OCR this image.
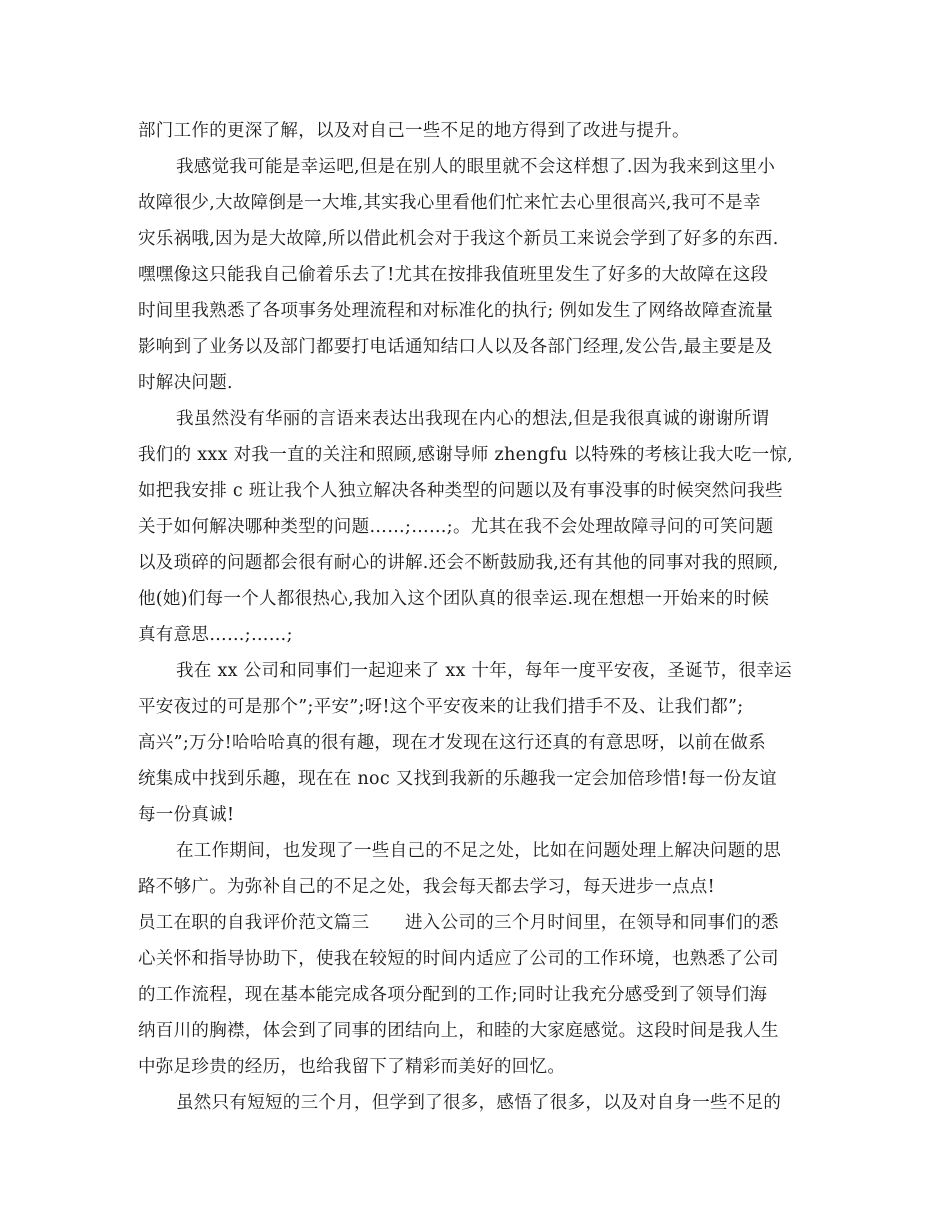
部门工作的更深了解，以及对自己一些不足的地方得到了改进与提升。
我感觉我可能是幸运吧,但是在别人的眼里就不会这样想了.因为我来到这里小
故障很少,大故障倒是一大堆,其实我心里看他们忙来忙去心里很高兴,我可不是幸
灾乐祸哦,因为是大故障,所以借此机会对于我这个新员工来说会学到了好多的东西.
嘿嘿像这只能我自己偷着乐去了!尤其在按排我值班里发生了好多的大故障在这段
时间里我熟悉了各项事务处理流程和对标准化的执行; 例如发生了网络故障查流量
影响到了业务以及部门都要打电话通知结口人以及各部门经理,发公告,最主要是及
时解决问题.
我虽然没有华丽的言语来表达出我现在内心的想法,但是我很真诚的谢谢所谓
我们的 xxx 对我一直的关注和照顾,感谢导师 zhengfu 以特殊的考核让我大吃一惊,
如把我安排 c 班让我个人独立解决各种类型的问题以及有事没事的时候突然问我些
关于如何解决哪种类型的问题……;……;。尤其在我不会处理故障寻问的可笑问题
以及琐碎的问题都会很有耐心的讲解.还会不断鼓励我,还有其他的同事对我的照顾,
他(她)们每一个人都很热心,我加入这个团队真的很幸运.现在想想一开始来的时候
真有意思……;……;
我在 xx 公司和同事们一起迎来了 xx 十年，每年一度平安夜，圣诞节，很幸运
平安夜过的可是那个”;平安”;呀!这个平安夜来的让我们措手不及、让我们都”;
高兴”;万分!哈哈哈真的很有趣，现在才发现在这行还真的有意思呀，以前在做系
统集成中找到乐趣，现在在 noc 又找到我新的乐趣我一定会加倍珍惜!每一份友谊
每一份真诚!
在工作期间，也发现了一些自己的不足之处，比如在问题处理上解决问题的思
路不够广。为弥补自己的不足之处，我会每天都去学习，每天进步一点点!
员工在职的自我评价范文篇三　　进入公司的三个月时间里，在领导和同事们的悉
心关怀和指导协助下，使我在较短的时间内适应了公司的工作环境，也熟悉了公司
的工作流程，现在基本能完成各项分配到的工作;同时让我充分感受到了领导们海
纳百川的胸襟，体会到了同事的团结向上，和睦的大家庭感觉。这段时间是我人生
中弥足珍贵的经历，也给我留下了精彩而美好的回忆。
虽然只有短短的三个月，但学到了很多，感悟了很多，以及对自身一些不足的
